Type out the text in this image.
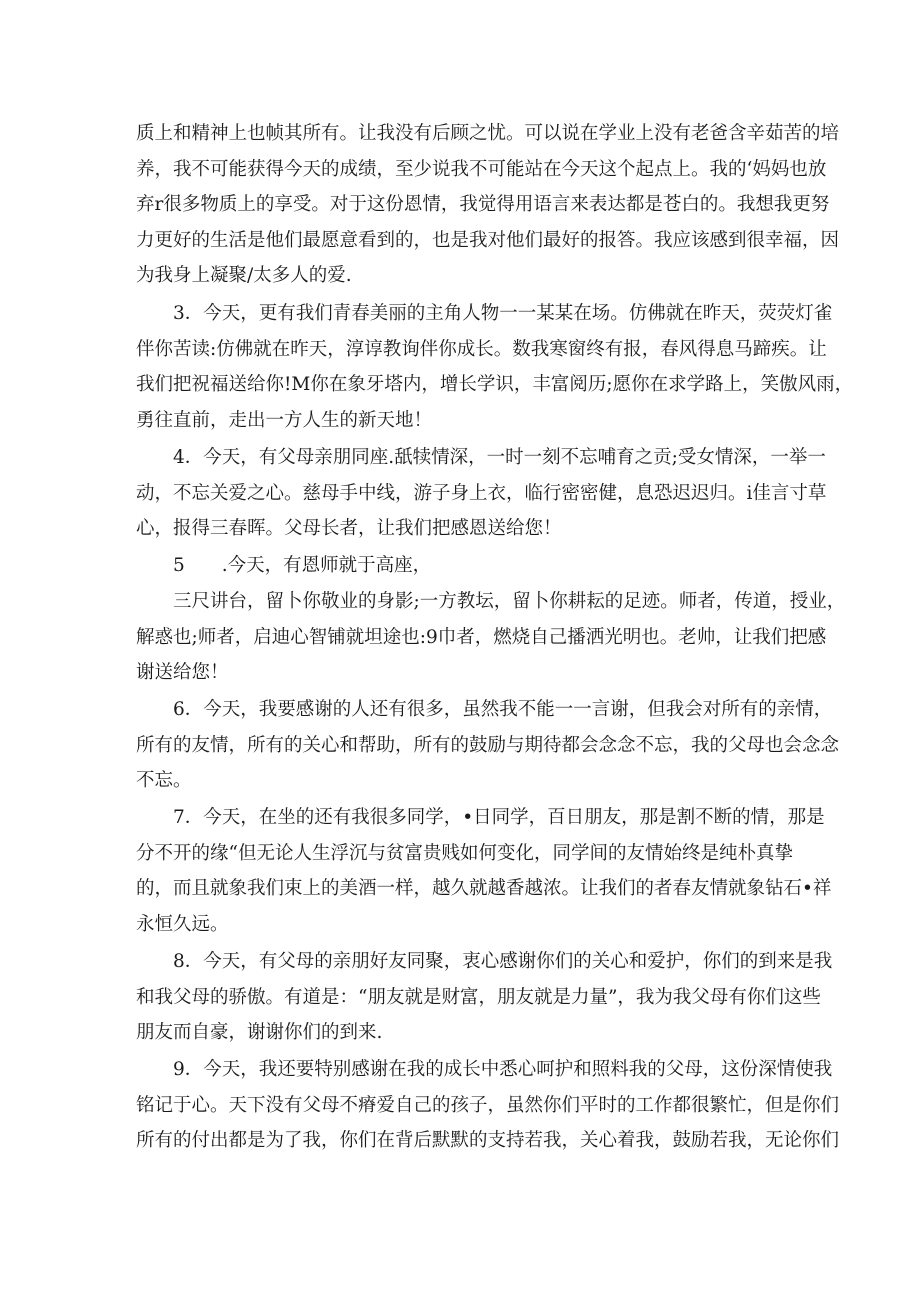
质上和精神上也帧其所有。让我没有后顾之忧。可以说在学业上没有老爸含辛茹苦的培
养，我不可能获得今天的成绩，至少说我不可能站在今天这个起点上。我的‘妈妈也放
弃r很多物质上的享受。对于这份恩情，我觉得用语言来表达都是苍白的。我想我更努
力更好的生活是他们最愿意看到的，也是我对他们最好的报答。我应该感到很幸福，因
为我身上凝聚/太多人的爱.
3．今天，更有我们青春美丽的主角人物一一某某在场。仿佛就在昨天，荧荧灯雀
伴你苦读:仿佛就在昨天，淳谆教询伴你成长。数我寒窗终有报，春风得息马蹄疾。让
我们把祝福送给你!M你在象牙塔内，增长学识，丰富阅历;愿你在求学路上，笑傲风雨，
勇往直前，走出一方人生的新天地！
4．今天，有父母亲朋同座.舐犊情深，一时一刻不忘哺育之贡;受女情深，一举一
动，不忘关爱之心。慈母手中线，游子身上衣，临行密密健，息恐迟迟归。i佳言寸草
心，报得三春晖。父母长者，让我们把感恩送给您！
5　　.今天，有恩师就于高座，
三尺讲台，留卜你敬业的身影;一方教坛，留卜你耕耘的足迹。师者，传道，授业，
解惑也;师者，启迪心智铺就坦途也:9巾者，燃烧自己播洒光明也。老帅，让我们把感
谢送给您！
6．今天，我要感谢的人还有很多，虽然我不能一一言谢，但我会对所有的亲情，
所有的友情，所有的关心和帮助，所有的鼓励与期待都会念念不忘，我的父母也会念念
不忘。
7．今天，在坐的还有我很多同学，•日同学，百日朋友，那是割不断的情，那是
分不开的缘“但无论人生浮沉与贫富贵贱如何变化，同学间的友情始终是纯朴真挚
的，而且就象我们束上的美酒一样，越久就越香越浓。让我们的者春友情就象钻石•祥
永恒久远。
8．今天，有父母的亲朋好友同聚，衷心感谢你们的关心和爱护，你们的到来是我
和我父母的骄傲。有道是：“朋友就是财富，朋友就是力量”，我为我父母有你们这些
朋友而自豪，谢谢你们的到来.
9．今天，我还要特别感谢在我的成长中悉心呵护和照料我的父母，这份深情使我
铭记于心。天下没有父母不瘠爱自己的孩子，虽然你们平时的工作都很繁忙，但是你们
所有的付出都是为了我，你们在背后默默的支持若我，关心着我，鼓励若我，无论你们
